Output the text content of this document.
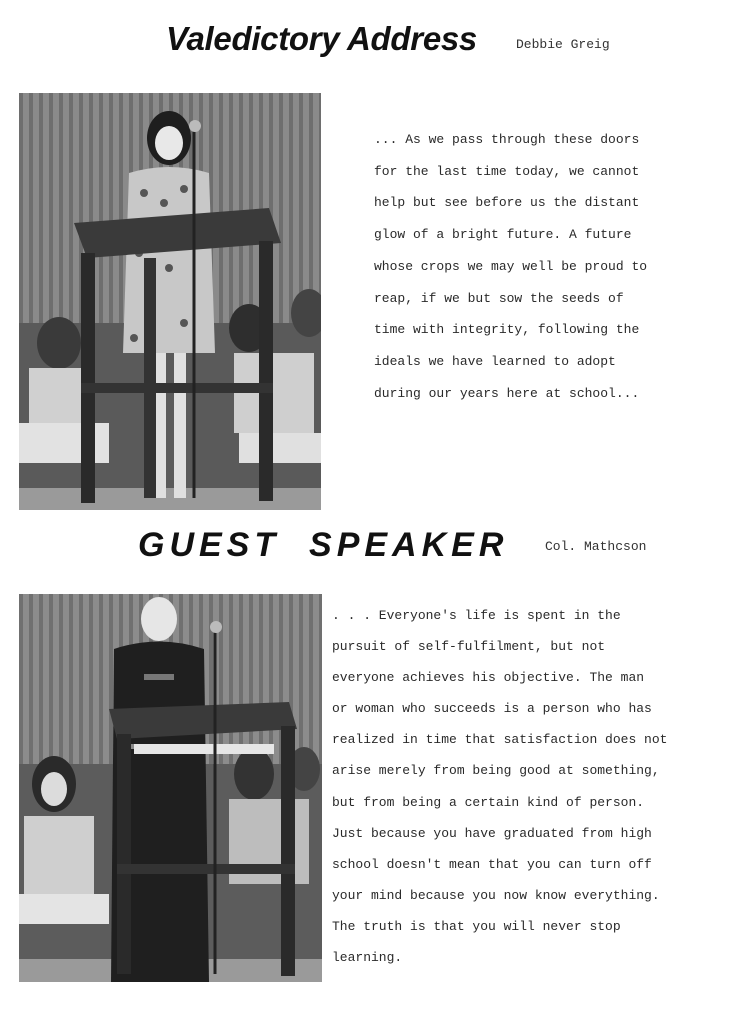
Valedictory Address	Debbie Greig

... As we pass through these doors

for the last time today, we cannot

help but see before us the distant

glow of a bright future. A future

whose crops we may well be proud to

reap, if we but sow the seeds of

time with integrity, following the

ideals we have learned to adopt

during our years here at school...

GUEST  SPEAKER	Col. Mathcson

. . . Everyone's life is spent in the

pursuit of self-fulfilment, but not

everyone achieves his objective. The man

or woman who succeeds is a person who has

realized in time that satisfaction does not

arise merely from being good at something,

but from being a certain kind of person.

Just because you have graduated from high

school doesn't mean that you can turn off

your mind because you now know everything.

The truth is that you will never stop

learning.
